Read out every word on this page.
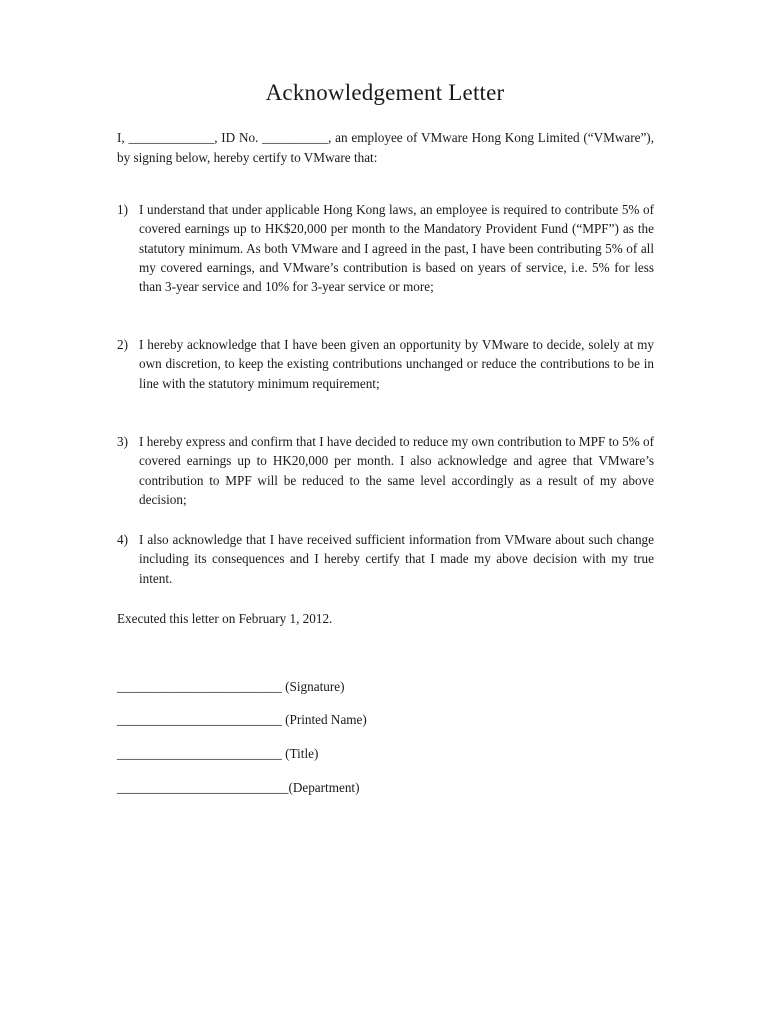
Acknowledgement Letter

I, _____________, ID No. __________, an employee of VMware Hong Kong Limited (“VMware”), by signing below, hereby certify to VMware that:

1) I understand that under applicable Hong Kong laws, an employee is required to contribute 5% of covered earnings up to HK$20,000 per month to the Mandatory Provident Fund (“MPF”) as the statutory minimum. As both VMware and I agreed in the past, I have been contributing 5% of all my covered earnings, and VMware’s contribution is based on years of service, i.e. 5% for less than 3-year service and 10% for 3-year service or more;
2) I hereby acknowledge that I have been given an opportunity by VMware to decide, solely at my own discretion, to keep the existing contributions unchanged or reduce the contributions to be in line with the statutory minimum requirement;
3) I hereby express and confirm that I have decided to reduce my own contribution to MPF to 5% of covered earnings up to HK20,000 per month. I also acknowledge and agree that VMware’s contribution to MPF will be reduced to the same level accordingly as a result of my above decision;
4) I also acknowledge that I have received sufficient information from VMware about such change including its consequences and I hereby certify that I made my above decision with my true intent.

Executed this letter on February 1, 2012.

_________________________ (Signature)
_________________________ (Printed Name)
_________________________ (Title)
__________________________(Department)
